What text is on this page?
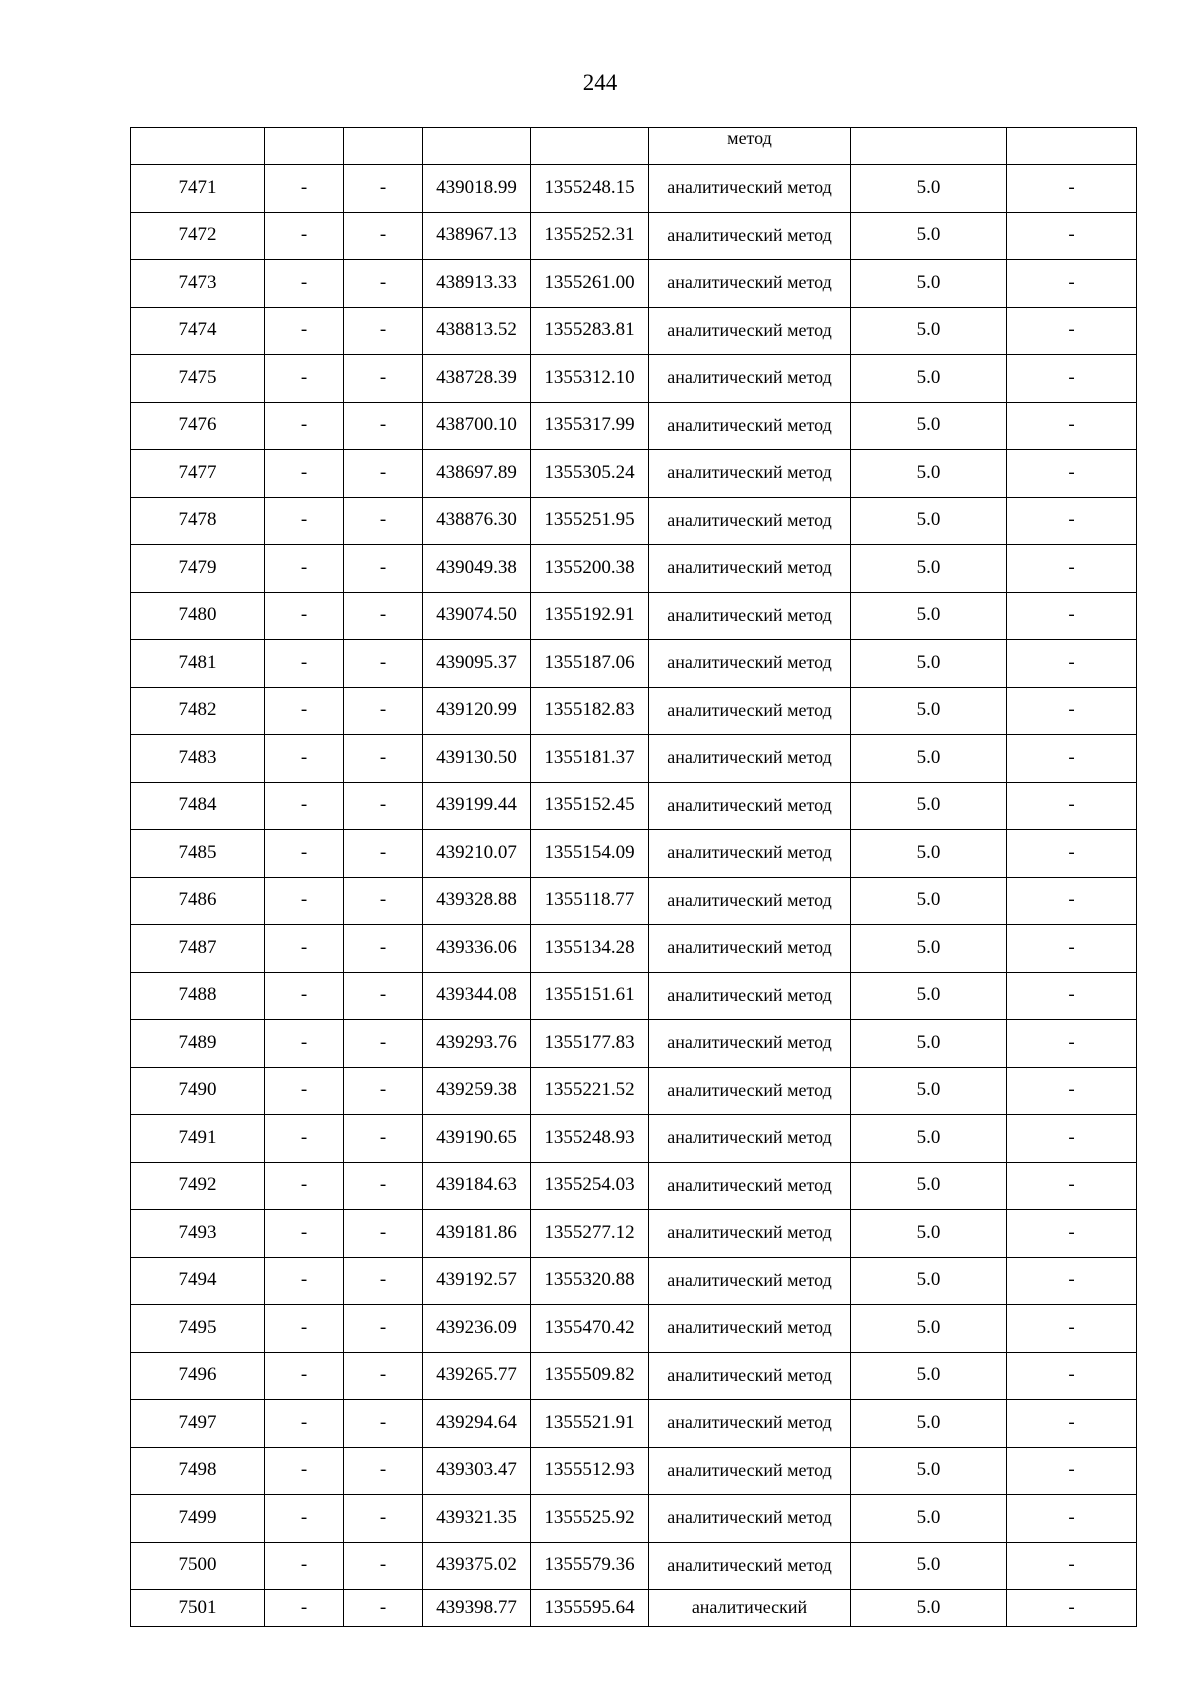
244
					метод		
7471	-	-	439018.99	1355248.15	аналитический метод	5.0	-
7472	-	-	438967.13	1355252.31	аналитический метод	5.0	-
7473	-	-	438913.33	1355261.00	аналитический метод	5.0	-
7474	-	-	438813.52	1355283.81	аналитический метод	5.0	-
7475	-	-	438728.39	1355312.10	аналитический метод	5.0	-
7476	-	-	438700.10	1355317.99	аналитический метод	5.0	-
7477	-	-	438697.89	1355305.24	аналитический метод	5.0	-
7478	-	-	438876.30	1355251.95	аналитический метод	5.0	-
7479	-	-	439049.38	1355200.38	аналитический метод	5.0	-
7480	-	-	439074.50	1355192.91	аналитический метод	5.0	-
7481	-	-	439095.37	1355187.06	аналитический метод	5.0	-
7482	-	-	439120.99	1355182.83	аналитический метод	5.0	-
7483	-	-	439130.50	1355181.37	аналитический метод	5.0	-
7484	-	-	439199.44	1355152.45	аналитический метод	5.0	-
7485	-	-	439210.07	1355154.09	аналитический метод	5.0	-
7486	-	-	439328.88	1355118.77	аналитический метод	5.0	-
7487	-	-	439336.06	1355134.28	аналитический метод	5.0	-
7488	-	-	439344.08	1355151.61	аналитический метод	5.0	-
7489	-	-	439293.76	1355177.83	аналитический метод	5.0	-
7490	-	-	439259.38	1355221.52	аналитический метод	5.0	-
7491	-	-	439190.65	1355248.93	аналитический метод	5.0	-
7492	-	-	439184.63	1355254.03	аналитический метод	5.0	-
7493	-	-	439181.86	1355277.12	аналитический метод	5.0	-
7494	-	-	439192.57	1355320.88	аналитический метод	5.0	-
7495	-	-	439236.09	1355470.42	аналитический метод	5.0	-
7496	-	-	439265.77	1355509.82	аналитический метод	5.0	-
7497	-	-	439294.64	1355521.91	аналитический метод	5.0	-
7498	-	-	439303.47	1355512.93	аналитический метод	5.0	-
7499	-	-	439321.35	1355525.92	аналитический метод	5.0	-
7500	-	-	439375.02	1355579.36	аналитический метод	5.0	-
7501	-	-	439398.77	1355595.64	аналитический	5.0	-
